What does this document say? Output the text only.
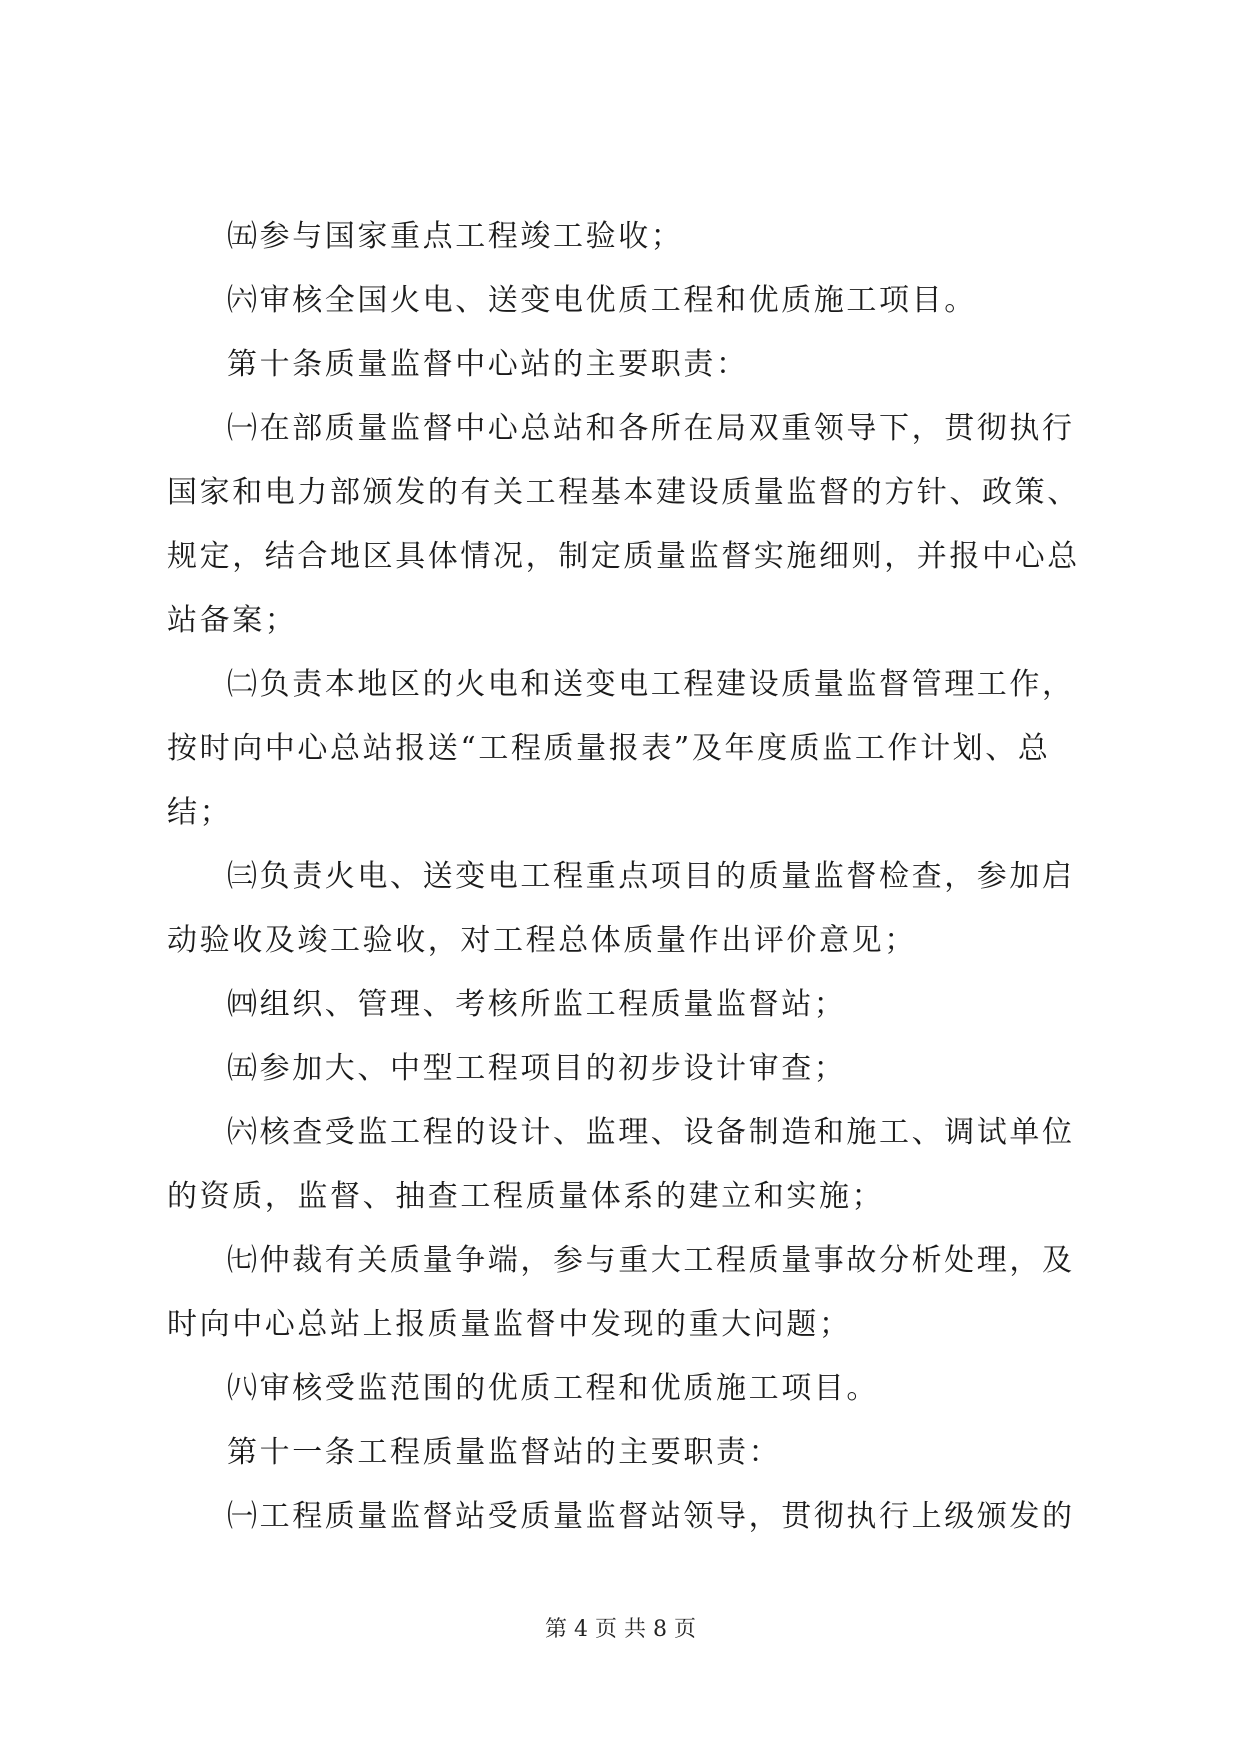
㈤参与国家重点工程竣工验收；
㈥审核全国火电、送变电优质工程和优质施工项目。
第十条质量监督中心站的主要职责：
㈠在部质量监督中心总站和各所在局双重领导下，贯彻执行
国家和电力部颁发的有关工程基本建设质量监督的方针、政策、
规定，结合地区具体情况，制定质量监督实施细则，并报中心总
站备案；
㈡负责本地区的火电和送变电工程建设质量监督管理工作，
按时向中心总站报送“工程质量报表”及年度质监工作计划、总
结；
㈢负责火电、送变电工程重点项目的质量监督检查，参加启
动验收及竣工验收，对工程总体质量作出评价意见；
㈣组织、管理、考核所监工程质量监督站；
㈤参加大、中型工程项目的初步设计审查；
㈥核查受监工程的设计、监理、设备制造和施工、调试单位
的资质，监督、抽查工程质量体系的建立和实施；
㈦仲裁有关质量争端，参与重大工程质量事故分析处理，及
时向中心总站上报质量监督中发现的重大问题；
㈧审核受监范围的优质工程和优质施工项目。
第十一条工程质量监督站的主要职责：
㈠工程质量监督站受质量监督站领导，贯彻执行上级颁发的
第 4 页 共 8 页
